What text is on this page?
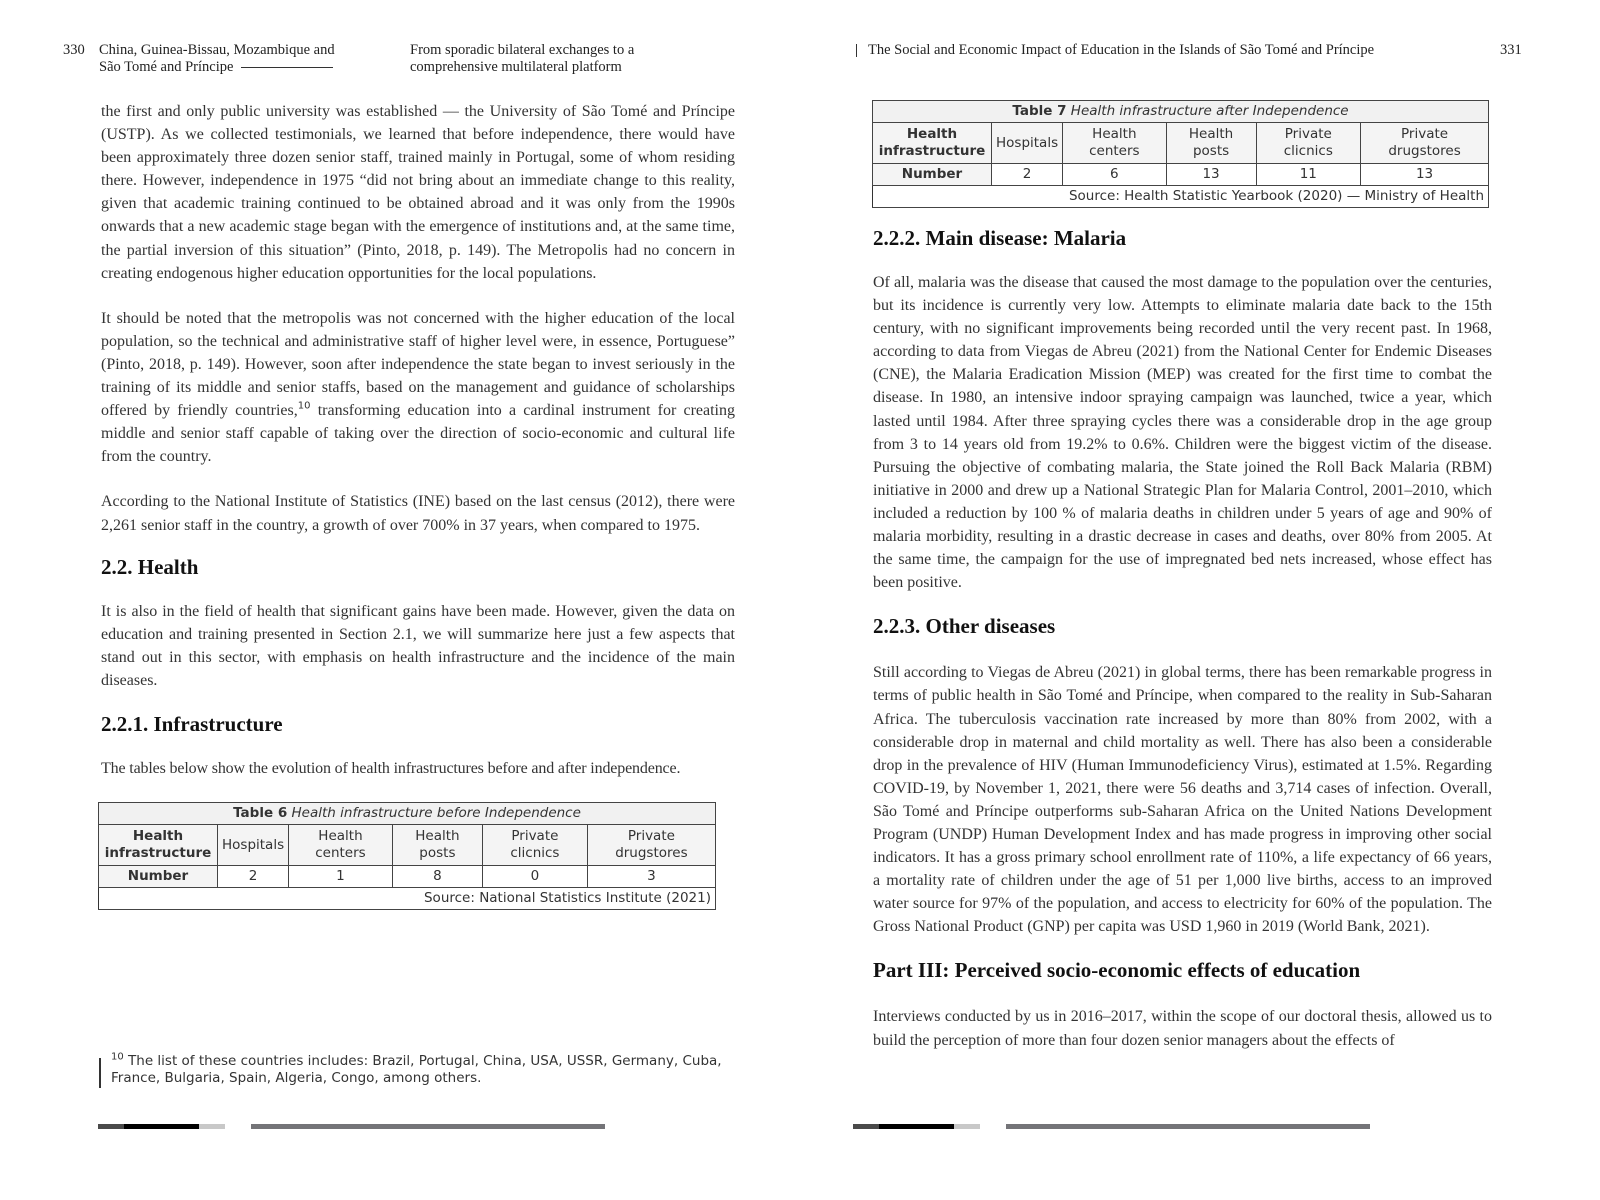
330 China, Guinea-Bissau, Mozambique and
São Tomé and Príncipe
From sporadic bilateral exchanges to a
comprehensive multilateral platform

the first and only public university was established — the University of São Tomé and Príncipe (USTP). As we collected testimonials, we learned that before independence, there would have been approximately three dozen senior staff, trained mainly in Portugal, some of whom residing there. However, independence in 1975 “did not bring about an immediate change to this reality, given that academic training continued to be obtained abroad and it was only from the 1990s onwards that a new academic stage began with the emergence of institutions and, at the same time, the partial inversion of this situation” (Pinto, 2018, p. 149). The Metropolis had no concern in creating endogenous higher education opportunities for the local populations.

It should be noted that the metropolis was not concerned with the higher education of the local population, so the technical and administrative staff of higher level were, in essence, Portuguese” (Pinto, 2018, p. 149). However, soon after independence the state began to invest seriously in the training of its middle and senior staffs, based on the management and guidance of scholarships offered by friendly countries,$^{10}$ transforming education into a cardinal instrument for creating middle and senior staff capable of taking over the direction of socio-economic and cultural life from the country.

According to the National Institute of Statistics (INE) based on the last census (2012), there were 2,261 senior staff in the country, a growth of over 700% in 37 years, when compared to 1975.

2.2. Health

It is also in the field of health that significant gains have been made. However, given the data on education and training presented in Section 2.1, we will summarize here just a few aspects that stand out in this sector, with emphasis on health infrastructure and the incidence of the main diseases.

2.2.1. Infrastructure

The tables below show the evolution of health infrastructures before and after independence.

Table 6 Health infrastructure before Independence					
Health infrastructure	Hospitals	Health centers	Health posts	Private clicnics	Private drugstores
Number	2	1	8	0	3
Source: National Statistics Institute (2021)					
$^{10}$ The list of these countries includes: Brazil, Portugal, China, USA, USSR, Germany, Cuba, France, Bulgaria, Spain, Algeria, Congo, among others.
The Social and Economic Impact of Education in the Islands of São Tomé and Príncipe	331
Table 7 Health infrastructure after Independence					
Health infrastructure	Hospitals	Health centers	Health posts	Private clicnics	Private drugstores
Number	2	6	13	11	13
Source: Health Statistic Yearbook (2020) — Ministry of Health					
2.2.2. Main disease: Malaria

Of all, malaria was the disease that caused the most damage to the population over the centuries, but its incidence is currently very low. Attempts to eliminate malaria date back to the 15th century, with no significant improvements being recorded until the very recent past. In 1968, according to data from Viegas de Abreu (2021) from the National Center for Endemic Diseases (CNE), the Malaria Eradication Mission (MEP) was created for the first time to combat the disease. In 1980, an intensive indoor spraying campaign was launched, twice a year, which lasted until 1984. After three spraying cycles there was a considerable drop in the age group from 3 to 14 years old from 19.2% to 0.6%. Children were the biggest victim of the disease. Pursuing the objective of combating malaria, the State joined the Roll Back Malaria (RBM) initiative in 2000 and drew up a National Strategic Plan for Malaria Control, 2001–2010, which included a reduction by 100 % of malaria deaths in children under 5 years of age and 90% of malaria morbidity, resulting in a drastic decrease in cases and deaths, over 80% from 2005. At the same time, the campaign for the use of impregnated bed nets increased, whose effect has been positive.

2.2.3. Other diseases

Still according to Viegas de Abreu (2021) in global terms, there has been remarkable progress in terms of public health in São Tomé and Príncipe, when compared to the reality in Sub-Saharan Africa. The tuberculosis vaccination rate increased by more than 80% from 2002, with a considerable drop in maternal and child mortality as well. There has also been a considerable drop in the prevalence of HIV (Human Immunodeficiency Virus), estimated at 1.5%. Regarding COVID-19, by November 1, 2021, there were 56 deaths and 3,714 cases of infection. Overall, São Tomé and Príncipe outperforms sub-Saharan Africa on the United Nations Development Program (UNDP) Human Development Index and has made progress in improving other social indicators. It has a gross primary school enrollment rate of 110%, a life expectancy of 66 years, a mortality rate of children under the age of 51 per 1,000 live births, access to an improved water source for 97% of the population, and access to electricity for 60% of the population. The Gross National Product (GNP) per capita was USD 1,960 in 2019 (World Bank, 2021).

Part III: Perceived socio-economic effects of education

Interviews conducted by us in 2016–2017, within the scope of our doctoral thesis, allowed us to build the perception of more than four dozen senior managers about the effects of
